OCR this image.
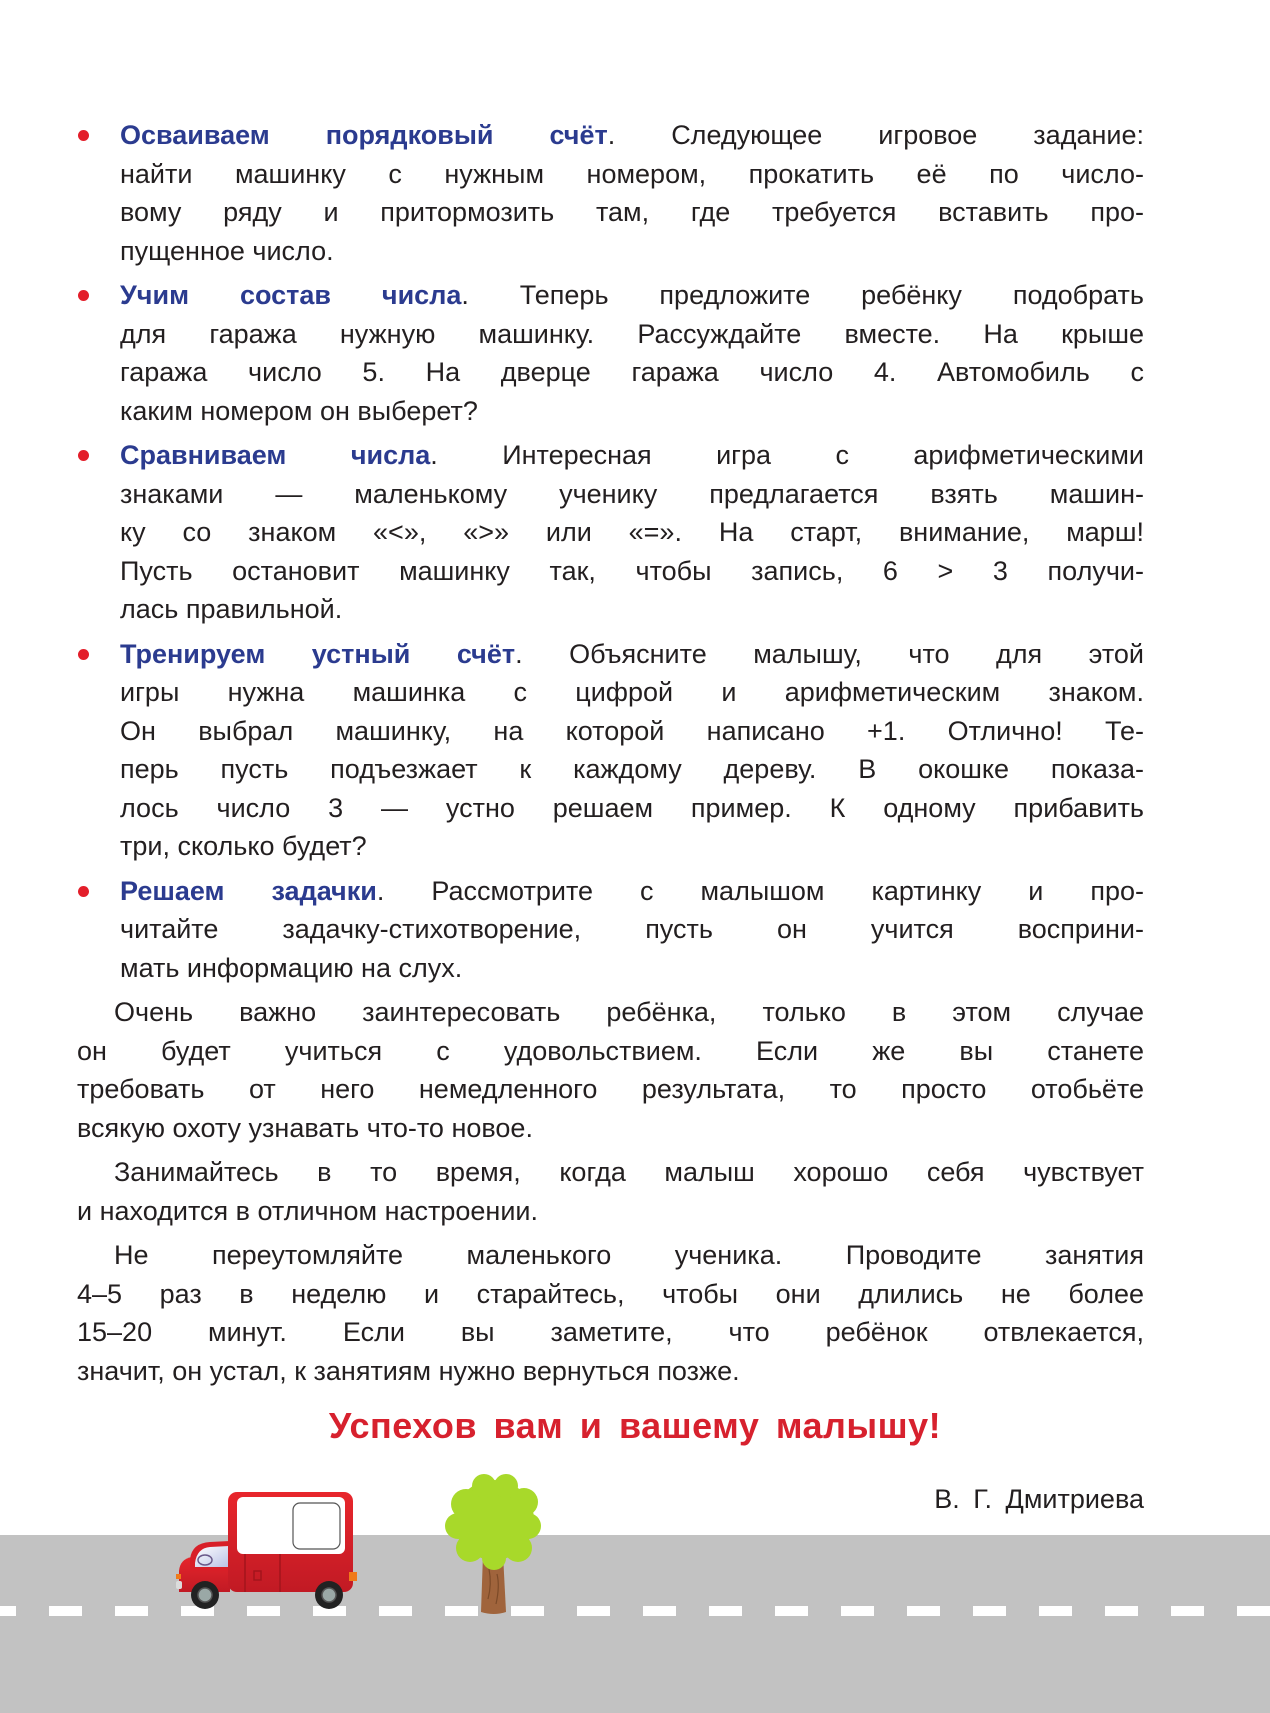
Осваиваем порядковый счёт. Следующее игровое задание:
найти машинку с нужным номером, прокатить её по число-
вому ряду и притормозить там, где требуется вставить про-
пущенное число.
Учим состав числа. Теперь предложите ребёнку подобрать
для гаража нужную машинку. Рассуждайте вместе. На крыше
гаража число 5. На дверце гаража число 4. Автомобиль с
каким номером он выберет?
Сравниваем числа. Интересная игра с арифметическими
знаками — маленькому ученику предлагается взять машин-
ку со знаком «<», «>» или «=». На старт, внимание, марш!
Пусть остановит машинку так, чтобы запись, 6 > 3 получи-
лась правильной.
Тренируем устный счёт. Объясните малышу, что для этой
игры нужна машинка с цифрой и арифметическим знаком.
Он выбрал машинку, на которой написано +1. Отлично! Те-
перь пусть подъезжает к каждому дереву. В окошке показа-
лось число 3 — устно решаем пример. К одному прибавить
три, сколько будет?
Решаем задачки. Рассмотрите с малышом картинку и про-
читайте задачку-стихотворение, пусть он учится восприни-
мать информацию на слух.
Очень важно заинтересовать ребёнка, только в этом случае
он будет учиться с удовольствием. Если же вы станете
требовать от него немедленного результата, то просто отобьёте
всякую охоту узнавать что-то новое.
Занимайтесь в то время, когда малыш хорошо себя чувствует
и находится в отличном настроении.
Не переутомляйте маленького ученика. Проводите занятия
4–5 раз в неделю и старайтесь, чтобы они длились не более
15–20 минут. Если вы заметите, что ребёнок отвлекается,
значит, он устал, к занятиям нужно вернуться позже.
Успехов вам и вашему малышу!
В. Г. Дмитриева
